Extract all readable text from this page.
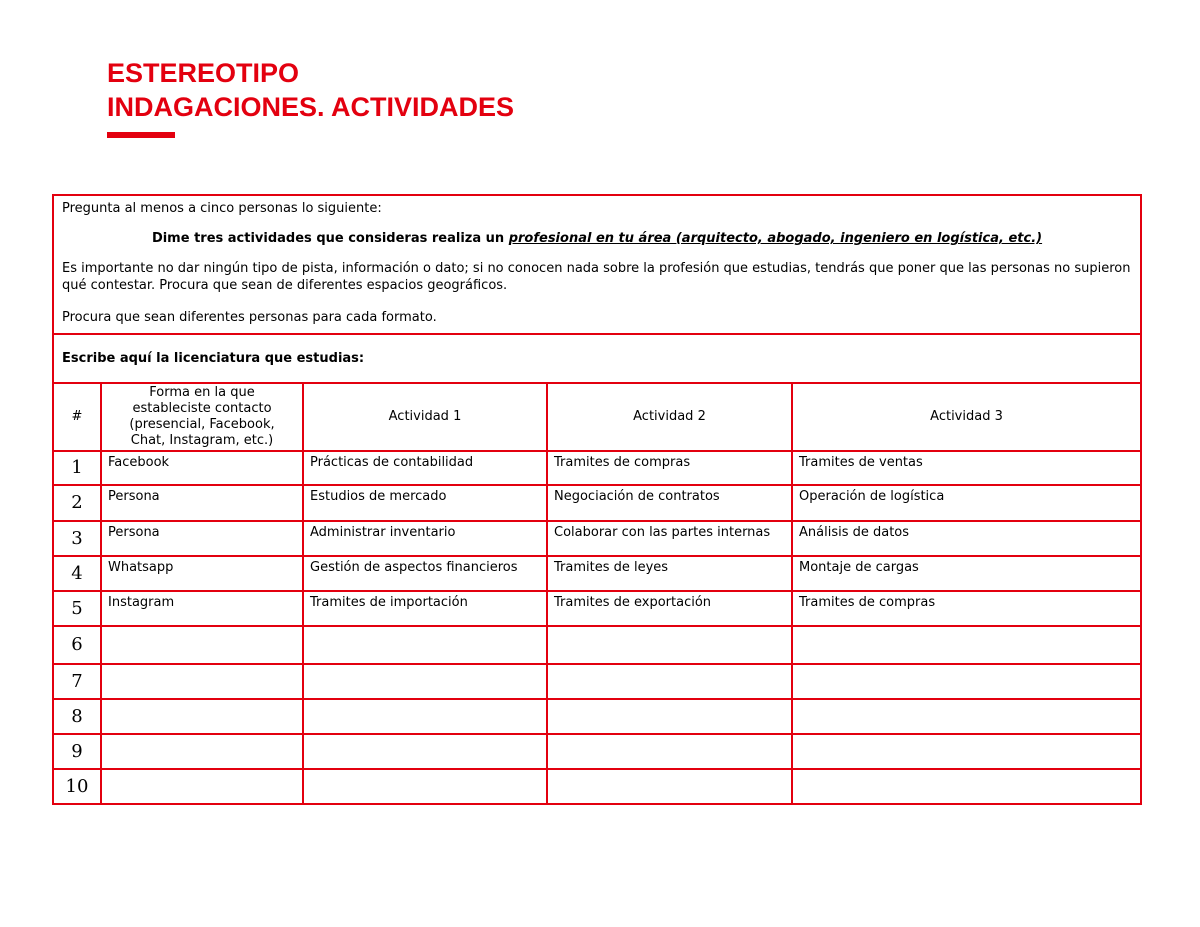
ESTEREOTIPO
INDAGACIONES. ACTIVIDADES

Pregunta al menos a cinco personas lo siguiente:

Dime tres actividades que consideras realiza un profesional en tu área (arquitecto, abogado, ingeniero en logística, etc.)

Es importante no dar ningún tipo de pista, información o dato; si no conocen nada sobre la profesión que estudias, tendrás que poner que las personas no supieron qué contestar. Procura que sean de diferentes espacios geográficos.

Procura que sean diferentes personas para cada formato.				

Escribe aquí la licenciatura que estudias:				
#	Forma en la que estableciste contacto (presencial, Facebook, Chat, Instagram, etc.)	Actividad 1	Actividad 2	Actividad 3
1	Facebook	Prácticas de contabilidad	Tramites de compras	Tramites de ventas
2	Persona	Estudios de mercado	Negociación de contratos	Operación de logística
3	Persona	Administrar inventario	Colaborar con las partes internas	Análisis de datos
4	Whatsapp	Gestión de aspectos financieros	Tramites de leyes	Montaje de cargas
5	Instagram	Tramites de importación	Tramites de exportación	Tramites de compras
6				
7				
8				
9				
10				
